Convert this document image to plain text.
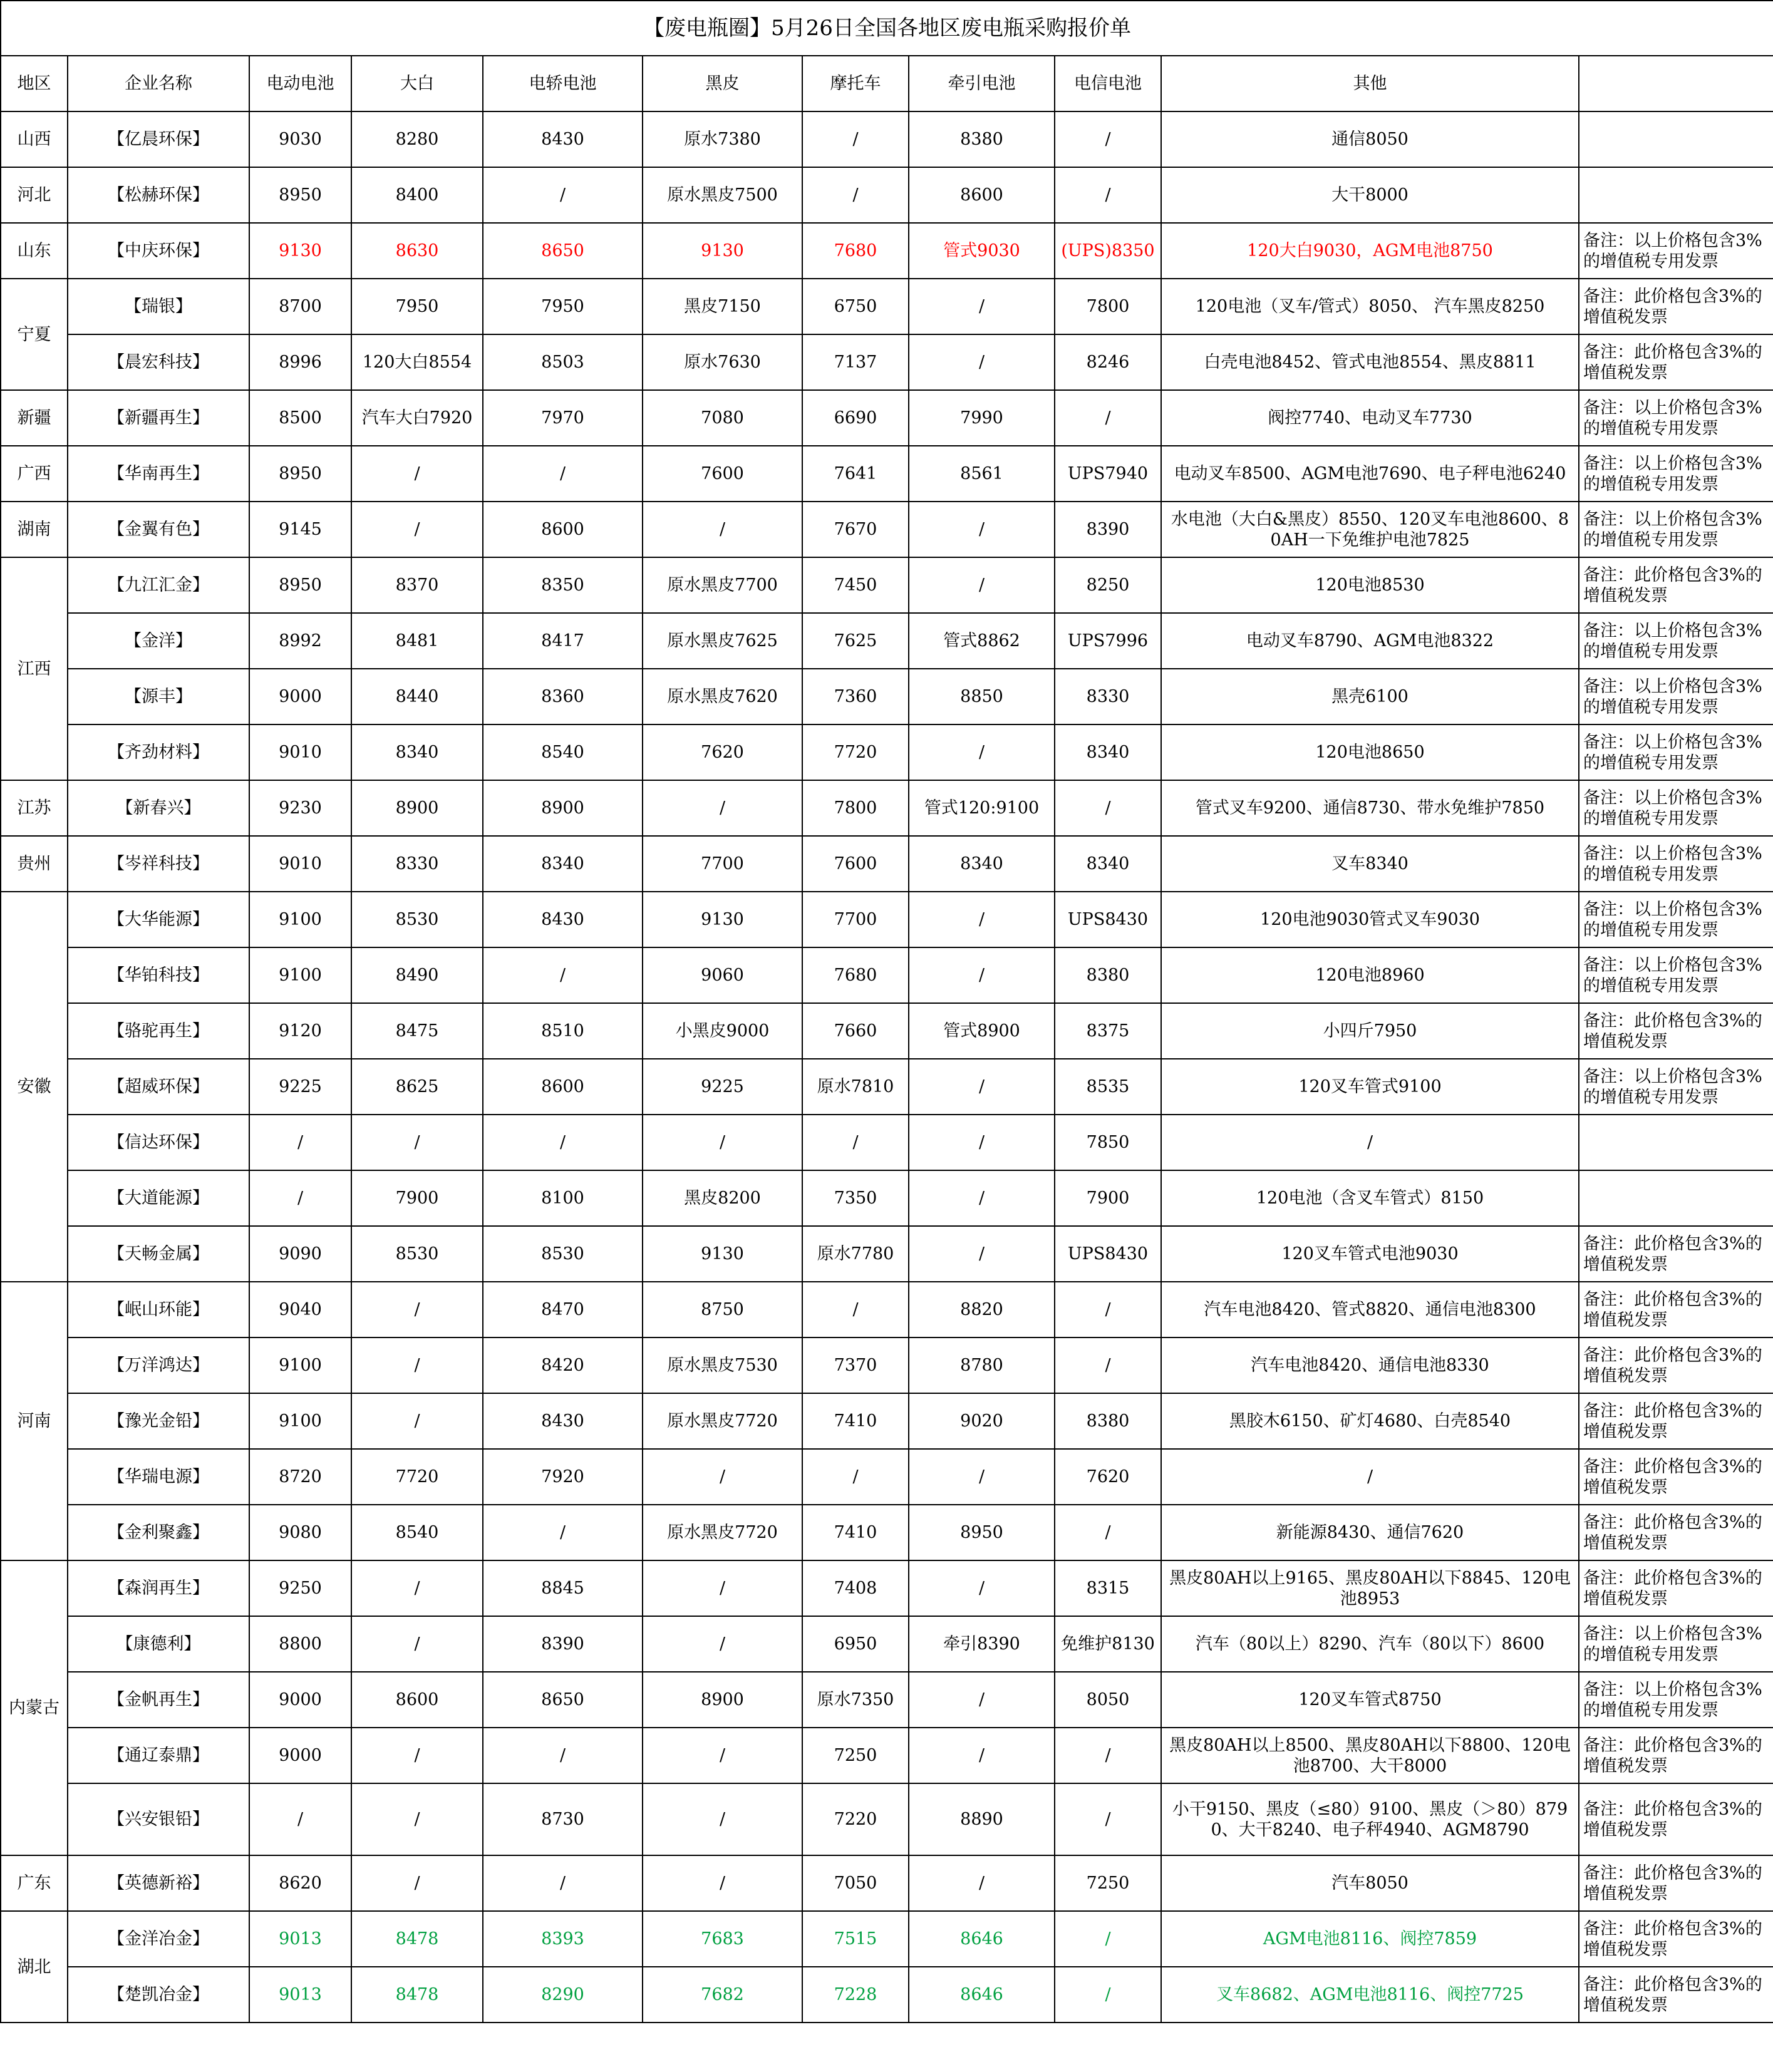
【废电瓶圈】5月26日全国各地区废电瓶采购报价单										
地区	企业名称	电动电池	大白	电轿电池	黑皮	摩托车	牵引电池	电信电池	其他	
山西	【亿晨环保】	9030	8280	8430	原水7380	/	8380	/	通信8050	
河北	【松赫环保】	8950	8400	/	原水黑皮7500	/	8600	/	大干8000	
山东	【中庆环保】	9130	8630	8650	9130	7680	管式9030	(UPS)8350	120大白9030，AGM电池8750	备注：以上价格包含3%的增值税专用发票
宁夏	【瑞银】	8700	7950	7950	黑皮7150	6750	/	7800	120电池（叉车/管式）8050、 汽车黑皮8250	备注：此价格包含3%的增值税发票
	【晨宏科技】	8996	120大白8554	8503	原水7630	7137	/	8246	白壳电池8452、管式电池8554、黑皮8811	备注：此价格包含3%的增值税发票
新疆	【新疆再生】	8500	汽车大白7920	7970	7080	6690	7990	/	阀控7740、电动叉车7730	备注：以上价格包含3%的增值税专用发票
广西	【华南再生】	8950	/	/	7600	7641	8561	UPS7940	电动叉车8500、AGM电池7690、电子秤电池6240	备注：以上价格包含3%的增值税专用发票
湖南	【金翼有色】	9145	/	8600	/	7670	/	8390	水电池（大白&黑皮）8550、120叉车电池8600、80AH一下免维护电池7825	备注：以上价格包含3%的增值税专用发票
江西	【九江汇金】	8950	8370	8350	原水黑皮7700	7450	/	8250	120电池8530	备注：此价格包含3%的增值税发票
	【金洋】	8992	8481	8417	原水黑皮7625	7625	管式8862	UPS7996	电动叉车8790、AGM电池8322	备注：以上价格包含3%的增值税专用发票
	【源丰】	9000	8440	8360	原水黑皮7620	7360	8850	8330	黑壳6100	备注：以上价格包含3%的增值税专用发票
	【齐劲材料】	9010	8340	8540	7620	7720	/	8340	120电池8650	备注：以上价格包含3%的增值税专用发票
江苏	【新春兴】	9230	8900	8900	/	7800	管式120:9100	/	管式叉车9200、通信8730、带水免维护7850	备注：以上价格包含3%的增值税专用发票
贵州	【岑祥科技】	9010	8330	8340	7700	7600	8340	8340	叉车8340	备注：以上价格包含3%的增值税专用发票
安徽	【大华能源】	9100	8530	8430	9130	7700	/	UPS8430	120电池9030管式叉车9030	备注：以上价格包含3%的增值税专用发票
	【华铂科技】	9100	8490	/	9060	7680	/	8380	120电池8960	备注：以上价格包含3%的增值税专用发票
	【骆驼再生】	9120	8475	8510	小黑皮9000	7660	管式8900	8375	小四斤7950	备注：此价格包含3%的增值税发票
	【超威环保】	9225	8625	8600	9225	原水7810	/	8535	120叉车管式9100	备注：以上价格包含3%的增值税专用发票
	【信达环保】	/	/	/	/	/	/	7850	/	
	【大道能源】	/	7900	8100	黑皮8200	7350	/	7900	120电池（含叉车管式）8150	
	【天畅金属】	9090	8530	8530	9130	原水7780	/	UPS8430	120叉车管式电池9030	备注：此价格包含3%的增值税发票
河南	【岷山环能】	9040	/	8470	8750	/	8820	/	汽车电池8420、管式8820、通信电池8300	备注：此价格包含3%的增值税发票
	【万洋鸿达】	9100	/	8420	原水黑皮7530	7370	8780	/	汽车电池8420、通信电池8330	备注：此价格包含3%的增值税发票
	【豫光金铅】	9100	/	8430	原水黑皮7720	7410	9020	8380	黑胶木6150、矿灯4680、白壳8540	备注：此价格包含3%的增值税发票
	【华瑞电源】	8720	7720	7920	/	/	/	7620	/	备注：此价格包含3%的增值税发票
	【金利聚鑫】	9080	8540	/	原水黑皮7720	7410	8950	/	新能源8430、通信7620	备注：此价格包含3%的增值税发票
内蒙古	【森润再生】	9250	/	8845	/	7408	/	8315	黑皮80AH以上9165、黑皮80AH以下8845、120电池8953	备注：此价格包含3%的增值税发票
	【康德利】	8800	/	8390	/	6950	牵引8390	免维护8130	汽车（80以上）8290、汽车（80以下）8600	备注：以上价格包含3%的增值税专用发票
	【金帆再生】	9000	8600	8650	8900	原水7350	/	8050	120叉车管式8750	备注：以上价格包含3%的增值税专用发票
	【通辽泰鼎】	9000	/	/	/	7250	/	/	黑皮80AH以上8500、黑皮80AH以下8800、120电池8700、大干8000	备注：此价格包含3%的增值税发票
	【兴安银铅】	/	/	8730	/	7220	8890	/	小干9150、黑皮（≤80）9100、黑皮（＞80）8790、大干8240、电子秤4940、AGM8790	备注：此价格包含3%的增值税发票
广东	【英德新裕】	8620	/	/	/	7050	/	7250	汽车8050	备注：此价格包含3%的增值税发票
湖北	【金洋冶金】	9013	8478	8393	7683	7515	8646	/	AGM电池8116、阀控7859	备注：此价格包含3%的增值税发票
	【楚凯冶金】	9013	8478	8290	7682	7228	8646	/	叉车8682、AGM电池8116、阀控7725	备注：此价格包含3%的增值税发票
